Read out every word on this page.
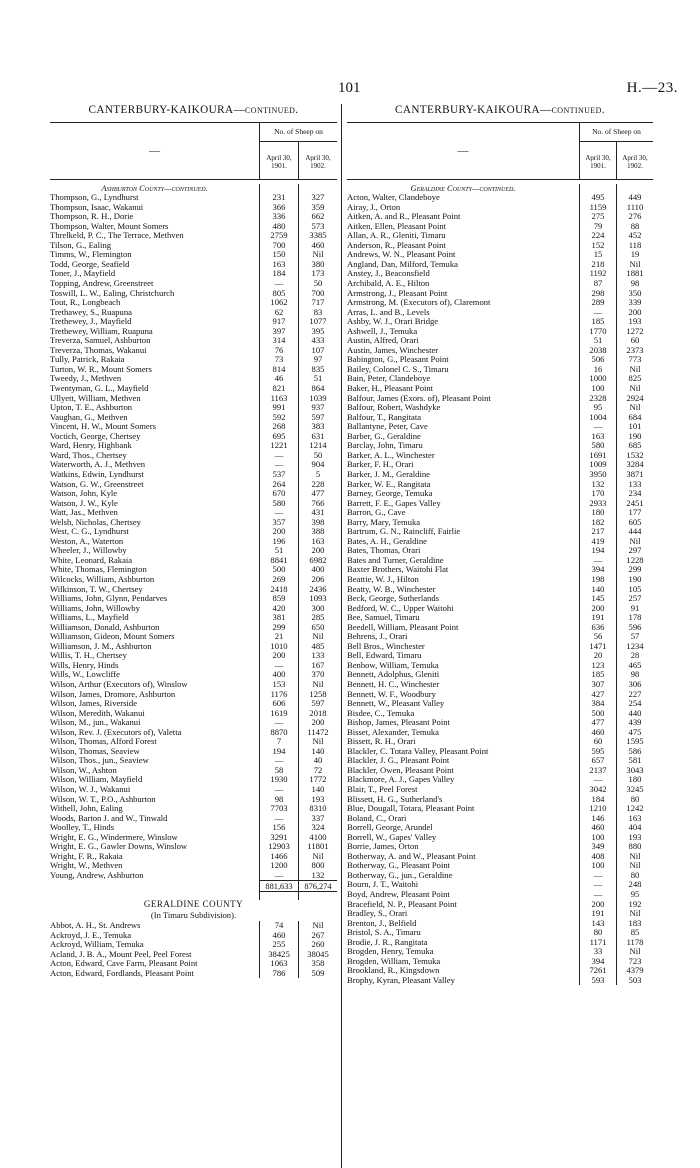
101	H.—23.
CANTERBURY-KAIKOURA—continued.
—
No. of Sheep on
April 30, 1901.
April 30, 1902.
Ashburton County—continued.
Thompson, G., Lyndhurst . . .	231	327
Thompson, Isaac, Wakanui . . .	366	359
Thompson, R. H., Dorie . . .	336	662
Thompson, Walter, Mount Somers . . .	480	573
Threlkeld, P. C., The Terrace, Methven . . .	2759	3385
Tilson, G., Ealing . . .	700	460
Timms, W., Flemington . . .	150	Nil
Todd, George, Seafield . . .	163	380
Toner, J., Mayfield . . .	184	173
Topping, Andrew, Greenstreet . . .	—	50
Toswill, L. W., Ealing, Christchurch . . .	805	700
Tout, R., Longbeach . . .	1062	717
Trethawey, S., Ruapuna . . .	62	83
Trethewey, J., Mayfield . . .	917	1077
Trethewey, William, Ruapuna . . .	397	395
Treverza, Samuel, Ashburton . . .	314	433
Treverza, Thomas, Wakanui . . .	76	107
Tully, Patrick, Rakaia . . .	73	97
Turton, W. R., Mount Somers . . .	814	835
Tweedy, J., Methven . . .	46	51
Twentyman, G. L., Mayfield . . .	821	864
Ullyett, William, Methven . . .	1163	1039
Upton, T. E., Ashburton . . .	991	937
Vaughan, G., Methven . . .	592	597
Vincent, H. W., Mount Somers . . .	268	383
Voctich, George, Chertsey . . .	695	631
Ward, Henry, Highbank . . .	1221	1214
Ward, Thos., Chertsey . . .	—	50
Waterworth, A. J., Methven . . .	—	904
Watkins, Edwin, Lyndhurst . . .	537	5
Watson, G. W., Greenstreet . . .	264	228
Watson, John, Kyle . . .	670	477
Watson, J. W., Kyle . . .	580	766
Watt, Jas., Methven . . .	—	431
Welsh, Nicholas, Chertsey . . .	357	398
West, C. G., Lyndhurst . . .	200	388
Weston, A., Waterton . . .	196	163
Wheeler, J., Willowby . . .	51	200
White, Leonard, Rakaia . . .	8841	6982
White, Thomas, Flemington . . .	500	400
Wilcocks, William, Ashburton . . .	269	206
Wilkinson, T. W., Chertsey . . .	2418	2436
Williams, John, Glynn, Pendarves . . .	859	1093
Williams, John, Willowby . . .	420	300
Williams, L., Mayfield . . .	381	285
Williamson, Donald, Ashburton . . .	299	650
Williamson, Gideon, Mount Somers . . .	21	Nil
Williamson, J. M., Ashburton . . .	1010	485
Willis, T. H., Chertsey . . .	200	133
Wills, Henry, Hinds . . .	—	167
Wills, W., Lowcliffe . . .	400	370
Wilson, Arthur (Executors of), Winslow . . .	153	Nil
Wilson, James, Dromore, Ashburton . . .	1176	1258
Wilson, James, Riverside . . .	606	597
Wilson, Meredith, Wakanui . . .	1619	2018
Wilson, M., jun., Wakanui . . .	—	200
Wilson, Rev. J. (Executors of), Valetta . . .	8870	11472
Wilson, Thomas, Alford Forest . . .	7	Nil
Wilson, Thomas, Seaview . . .	194	140
Wilson, Thos., jun., Seaview . . .	—	40
Wilson, W., Ashton . . .	58	72
Wilson, William, Mayfield . . .	1930	1772
Wilson, W. J., Wakanui . . .	—	140
Wilson, W. T., P.O., Ashburton . . .	98	193
Withell, John, Ealing . . .	7703	8310
Woods, Barton J. and W., Tinwald . . .	—	337
Woolley, T., Hinds . . .	156	324
Wright, E. G., Windermere, Winslow . . .	3291	4100
Wright, E. G., Gawler Downs, Winslow . . .	12903	11801
Wright, F. R., Rakaia . . .	1466	Nil
Wright, W., Methven . . .	1200	800
Young, Andrew, Ashburton . . .	—	132
881,633	876,274
GERALDINE COUNTY
(In Timaru Subdivision).
Abbot, A. H., St. Andrews . . .	74	Nil
Ackroyd, J. E., Temuka . . .	460	267
Ackroyd, William, Temuka . . .	255	260
Acland, J. B. A., Mount Peel, Peel Forest . . .	38425	38045
Acton, Edward, Cave Farm, Pleasant Point . . .	1063	358
Acton, Edward, Fordlands, Pleasant Point . . .	786	509
CANTERBURY-KAIKOURA—continued.
—
No. of Sheep on
April 30, 1901.
April 30, 1902.
Geraldine County—continued.
Acton, Walter, Clandeboye . . .	495	449
Airay, J., Orton . . .	1159	1110
Aitken, A. and R., Pleasant Point . . .	275	276
Aitken, Ellen, Pleasant Point . . .	79	88
Allan, A. R., Gleniti, Timaru . . .	224	452
Anderson, R., Pleasant Point . . .	152	118
Andrews, W. N., Pleasant Point . . .	15	19
Angland, Dan, Milford, Temuka . . .	218	Nil
Anstey, J., Beaconsfield . . .	1192	1881
Archibald, A. E., Hilton . . .	87	98
Armstrong, J., Pleasant Point . . .	298	350
Armstrong, M. (Executors of), Claremont . . .	289	339
Arras, L. and B., Levels . . .	—	200
Ashby, W. J., Orari Bridge . . .	185	193
Ashwell, J., Temuka . . .	1770	1272
Austin, Alfred, Orari . . .	51	60
Austin, James, Winchester . . .	2038	2373
Babington, G., Pleasant Point . . .	506	773
Bailey, Colonel C. S., Timaru . . .	16	Nil
Bain, Peter, Clandeboye . . .	1000	825
Baker, H., Pleasant Point . . .	100	Nil
Balfour, James (Exors. of), Pleasant Point . . .	2328	2924
Balfour, Robert, Washdyke . . .	95	Nil
Balfour, T., Rangitata . . .	1004	684
Ballantyne, Peter, Cave . . .	—	101
Barber, G., Geraldine . . .	163	190
Barclay, John, Timaru . . .	580	685
Barker, A. L., Winchester . . .	1691	1532
Barker, F. H., Orari . . .	1009	3284
Barker, J. M., Geraldine . . .	3950	3871
Barker, W. E., Rangitata . . .	132	133
Barney, George, Temuka . . .	170	234
Barrett, F. E., Gapes Valley . . .	2933	2451
Barron, G., Cave . . .	180	177
Barry, Mary, Temuka . . .	182	605
Bartrum, G. N., Raincliff, Fairlie . . .	217	444
Bates, A. H., Geraldine . . .	419	Nil
Bates, Thomas, Orari . . .	194	297
Bates and Turner, Geraldine . . .	—	1228
Baxter Brothers, Waitohi Flat . . .	394	299
Beattie, W. J., Hilton . . .	198	190
Beatty, W. B., Winchester . . .	140	105
Beck, George, Sutherlands . . .	145	257
Bedford, W. C., Upper Waitohi . . .	200	91
Bee, Samuel, Timaru . . .	191	178
Beedell, William, Pleasant Point . . .	636	596
Behrens, J., Orari . . .	56	57
Bell Bros., Winchester . . .	1471	1234
Bell, Edward, Timaru . . .	20	28
Benbow, William, Temuka . . .	123	465
Bennett, Adolphus, Gleniti . . .	185	98
Bennett, H. C., Winchester . . .	307	306
Bennett, W. F., Woodbury . . .	427	227
Bennett, W., Pleasant Valley . . .	384	254
Bisdee, C., Temuka . . .	500	440
Bishop, James, Pleasant Point . . .	477	439
Bisset, Alexander, Temuka . . .	460	475
Bissett, R. H., Orari . . .	60	1595
Blackler, C. Totara Valley, Pleasant Point . . .	595	586
Blackler, J. G., Pleasant Point . . .	657	581
Blackler, Owen, Pleasant Point . . .	2137	3043
Blackmore, A. J., Gapes Valley . . .	—	180
Blair, T., Peel Forest . . .	3042	3245
Blissett, H. G., Sutherland's . . .	184	80
Blue, Dougall, Totara, Pleasant Point . . .	1210	1242
Boland, C., Orari . . .	146	163
Borrell, George, Arundel . . .	460	404
Borrell, W., Gapes' Valley . . .	100	193
Borrie, James, Orton . . .	349	880
Botherway, A. and W., Pleasant Point . . .	408	Nil
Botherway, G., Pleasant Point . . .	100	Nil
Botherway, G., jun., Geraldine . . .	—	80
Bourn, J. T., Waitohi . . .	—	248
Boyd, Andrew, Pleasant Point . . .	—	95
Bracefield, N. P., Pleasant Point . . .	200	192
Bradley, S., Orari . . .	191	Nil
Brenton, J., Belfield . . .	143	183
Bristol, S. A., Timaru . . .	80	85
Brodie, J. R., Rangitata . . .	1171	1178
Brogden, Henry, Temuka . . .	33	Nil
Brogden, William, Temuka . . .	394	723
Brookland, R., Kingsdown . . .	7261	4379
Brophy, Kyran, Pleasant Valley . . .	593	503
